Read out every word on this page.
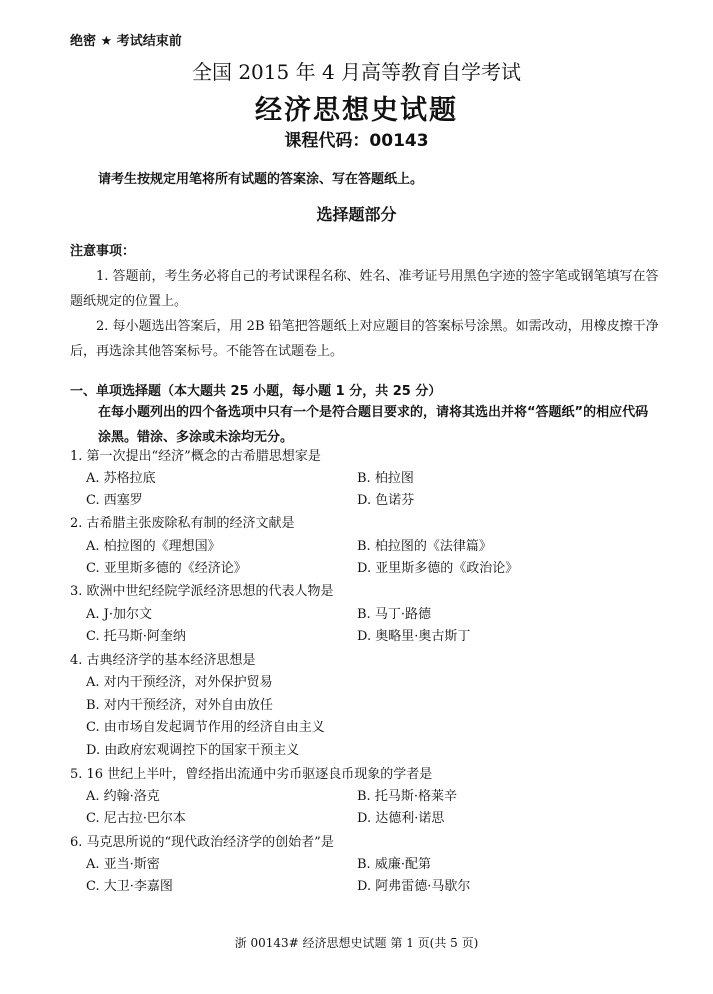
绝密 ★ 考试结束前
全国 2015 年 4 月高等教育自学考试
经济思想史试题
课程代码：00143
请考生按规定用笔将所有试题的答案涂、写在答题纸上。
选择题部分
注意事项：
1. 答题前，考生务必将自己的考试课程名称、姓名、准考证号用黑色字迹的签字笔或钢笔填写在答题纸规定的位置上。
2. 每小题选出答案后，用 2B 铅笔把答题纸上对应题目的答案标号涂黑。如需改动，用橡皮擦干净后，再选涂其他答案标号。不能答在试题卷上。
一、单项选择题（本大题共 25 小题，每小题 1 分，共 25 分）
在每小题列出的四个备选项中只有一个是符合题目要求的，请将其选出并将“答题纸”的相应代码涂黑。错涂、多涂或未涂均无分。
1. 第一次提出“经济”概念的古希腊思想家是
A. 苏格拉底	B. 柏拉图
C. 西塞罗	D. 色诺芬
2. 古希腊主张废除私有制的经济文献是
A. 柏拉图的《理想国》	B. 柏拉图的《法律篇》
C. 亚里斯多德的《经济论》	D. 亚里斯多德的《政治论》
3. 欧洲中世纪经院学派经济思想的代表人物是
A. J·加尔文	B. 马丁·路德
C. 托马斯·阿奎纳	D. 奥略里·奥古斯丁
4. 古典经济学的基本经济思想是
A. 对内干预经济，对外保护贸易
B. 对内干预经济，对外自由放任
C. 由市场自发起调节作用的经济自由主义
D. 由政府宏观调控下的国家干预主义
5. 16 世纪上半叶，曾经指出流通中劣币驱逐良币现象的学者是
A. 约翰·洛克	B. 托马斯·格莱辛
C. 尼古拉·巴尔本	D. 达德利·诺思
6. 马克思所说的“现代政治经济学的创始者”是
A. 亚当·斯密	B. 威廉·配第
C. 大卫·李嘉图	D. 阿弗雷德·马歇尔
浙 00143# 经济思想史试题 第 1 页(共 5 页)
